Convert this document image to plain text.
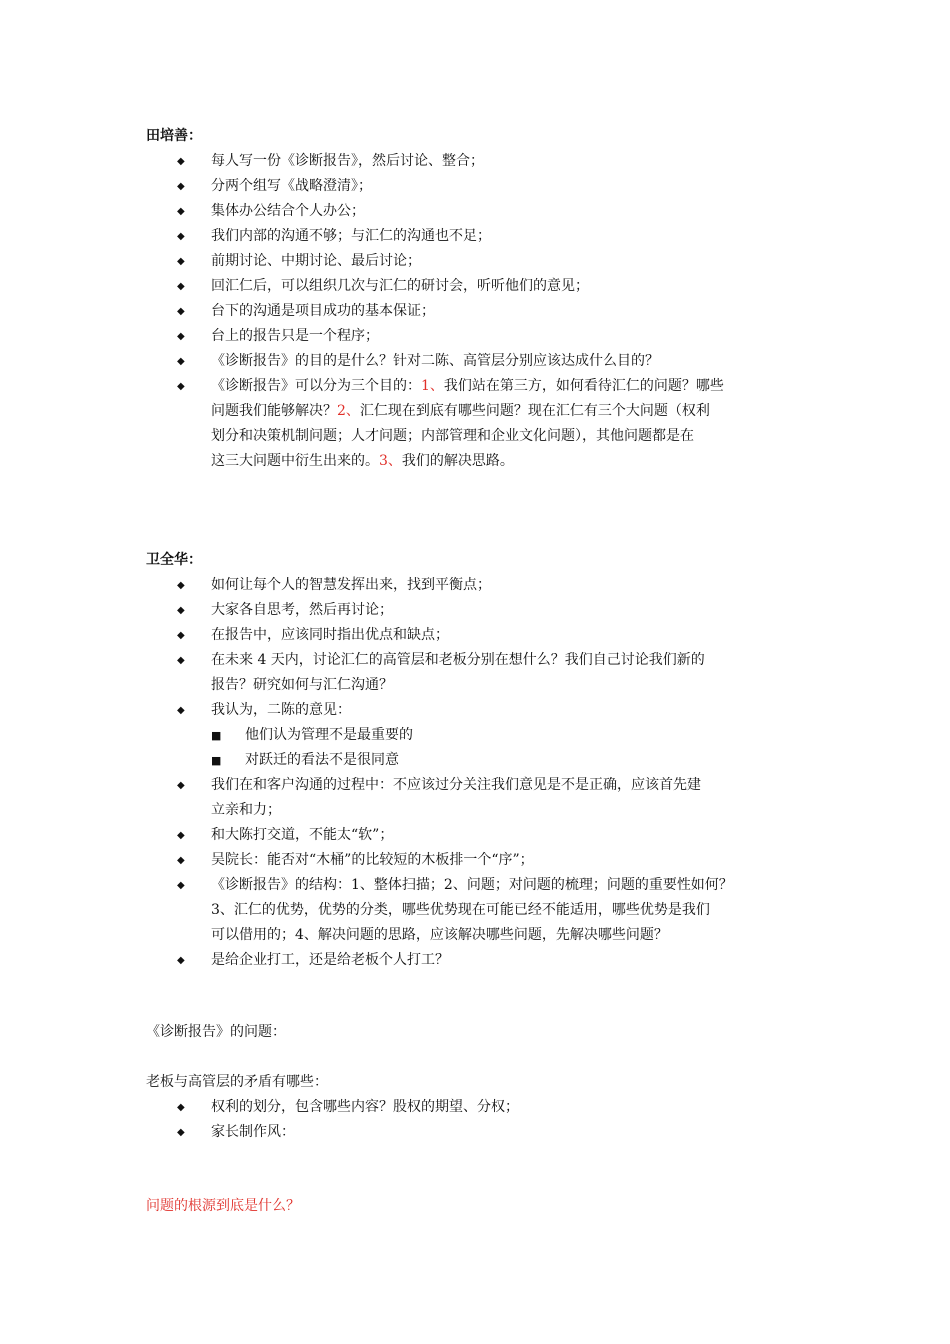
田培善：
◆	每人写一份《诊断报告》，然后讨论、整合；
◆	分两个组写《战略澄清》；
◆	集体办公结合个人办公；
◆	我们内部的沟通不够；与汇仁的沟通也不足；
◆	前期讨论、中期讨论、最后讨论；
◆	回汇仁后，可以组织几次与汇仁的研讨会，听听他们的意见；
◆	台下的沟通是项目成功的基本保证；
◆	台上的报告只是一个程序；
◆	《诊断报告》的目的是什么？针对二陈、高管层分别应该达成什么目的？
◆	《诊断报告》可以分为三个目的：1、我们站在第三方，如何看待汇仁的问题？哪些
问题我们能够解决？2、汇仁现在到底有哪些问题？现在汇仁有三个大问题（权利
划分和决策机制问题；人才问题；内部管理和企业文化问题），其他问题都是在
这三大问题中衍生出来的。3、我们的解决思路。
卫全华：
◆	如何让每个人的智慧发挥出来，找到平衡点；
◆	大家各自思考，然后再讨论；
◆	在报告中，应该同时指出优点和缺点；
◆	在未来 4 天内，讨论汇仁的高管层和老板分别在想什么？我们自己讨论我们新的
报告？研究如何与汇仁沟通？
◆	我认为，二陈的意见：
■ 他们认为管理不是最重要的
■ 对跃迁的看法不是很同意
◆	我们在和客户沟通的过程中：不应该过分关注我们意见是不是正确，应该首先建
立亲和力；
◆	和大陈打交道，不能太“软”；
◆	吴院长：能否对“木桶”的比较短的木板排一个“序”；
◆	《诊断报告》的结构：1、整体扫描；2、问题；对问题的梳理；问题的重要性如何？
3、汇仁的优势，优势的分类，哪些优势现在可能已经不能适用，哪些优势是我们
可以借用的；4、解决问题的思路，应该解决哪些问题，先解决哪些问题？
◆	是给企业打工，还是给老板个人打工？
《诊断报告》的问题：
老板与高管层的矛盾有哪些：
◆	权利的划分，包含哪些内容？股权的期望、分权；
◆	家长制作风：
问题的根源到底是什么？
